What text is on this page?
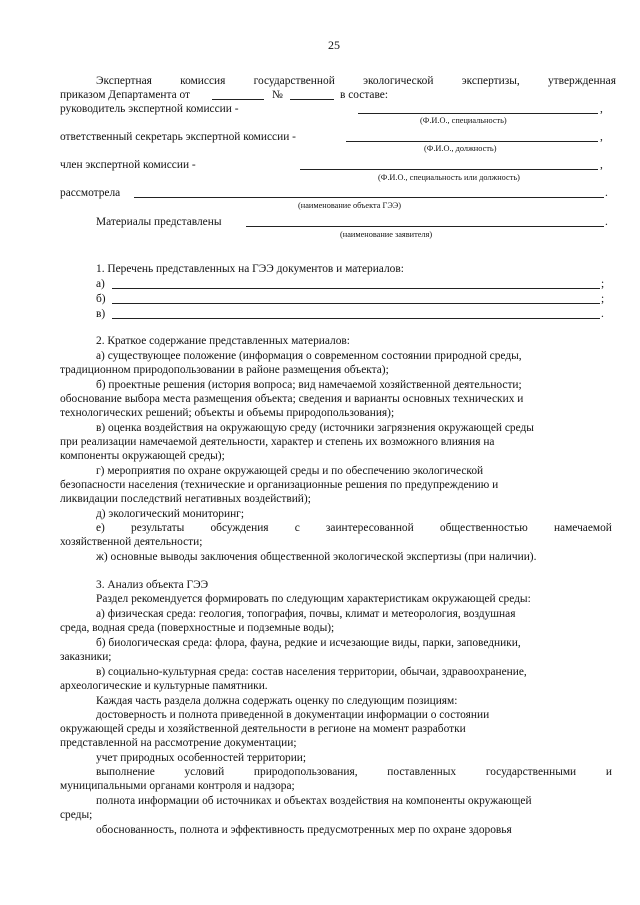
25
Экспертная комиссия государственной экологической экспертизы, утвержденная
приказом Департамента от	№	в составе:
руководитель экспертной комиссии -	,
(Ф.И.О., специальность)
ответственный секретарь экспертной комиссии -	,
(Ф.И.О., должность)
член экспертной комиссии -	,
(Ф.И.О., специальность или должность)
рассмотрела	.
(наименование объекта ГЭЭ)
Материалы представлены	.
(наименование заявителя)
1. Перечень представленных на ГЭЭ документов и материалов:
а)	;
б)	;
в)	.
2. Краткое содержание представленных материалов:
а) существующее положение (информация о современном состоянии природной среды,
традиционном природопользовании в районе размещения объекта);
б) проектные решения (история вопроса; вид намечаемой хозяйственной деятельности;
обоснование выбора места размещения объекта; сведения и варианты основных технических и
технологических решений; объекты и объемы природопользования);
в) оценка воздействия на окружающую среду (источники загрязнения окружающей среды
при реализации намечаемой деятельности, характер и степень их возможного влияния на
компоненты окружающей среды);
г) мероприятия по охране окружающей среды и по обеспечению экологической
безопасности населения (технические и организационные решения по предупреждению и
ликвидации последствий негативных воздействий);
д) экологический мониторинг;
е) результаты обсуждения с заинтересованной общественностью намечаемой
хозяйственной деятельности;
ж) основные выводы заключения общественной экологической экспертизы (при наличии).
3. Анализ объекта ГЭЭ
Раздел рекомендуется формировать по следующим характеристикам окружающей среды:
а) физическая среда: геология, топография, почвы, климат и метеорология, воздушная
среда, водная среда (поверхностные и подземные воды);
б) биологическая среда: флора, фауна, редкие и исчезающие виды, парки, заповедники,
заказники;
в) социально-культурная среда: состав населения территории, обычаи, здравоохранение,
археологические и культурные памятники.
Каждая часть раздела должна содержать оценку по следующим позициям:
достоверность и полнота приведенной в документации информации о состоянии
окружающей среды и хозяйственной деятельности в регионе на момент разработки
представленной на рассмотрение документации;
учет природных особенностей территории;
выполнение	условий	природопользования,	поставленных	государственными	и
муниципальными органами контроля и надзора;
полнота информации об источниках и объектах воздействия на компоненты окружающей
среды;
обоснованность, полнота и эффективность предусмотренных мер по охране здоровья
